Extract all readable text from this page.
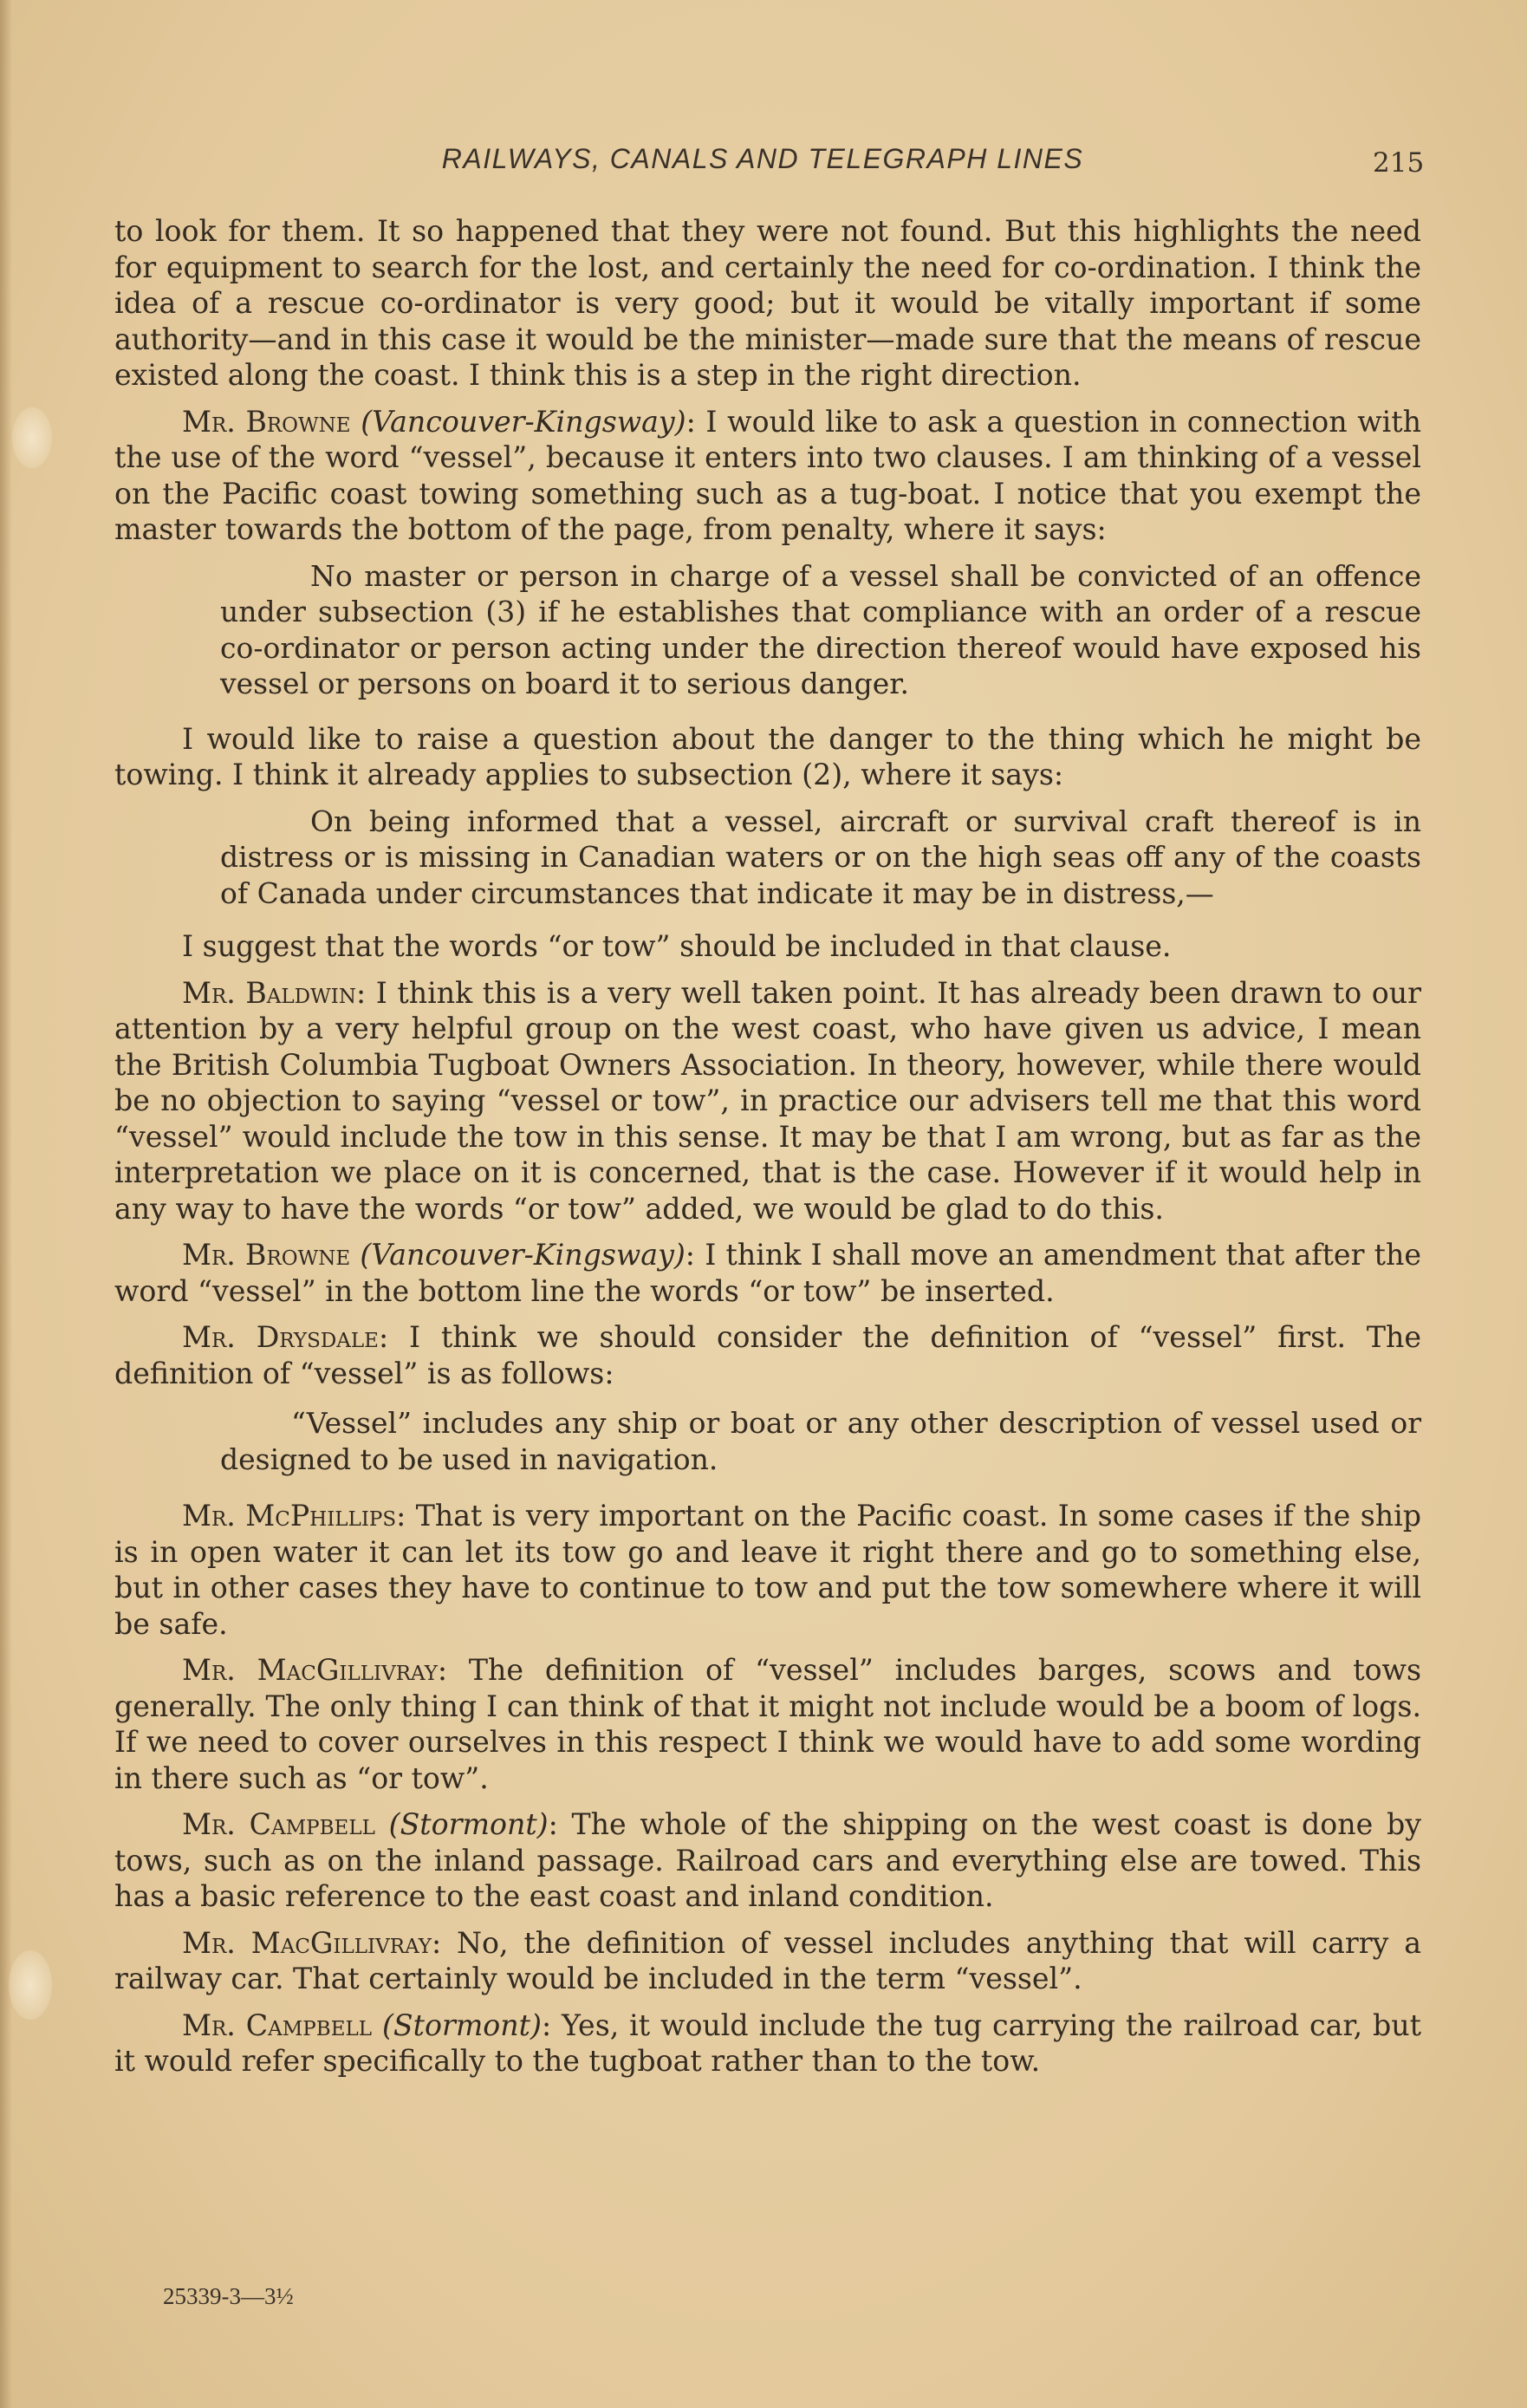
RAILWAYS, CANALS AND TELEGRAPH LINES	215

to look for them. It so happened that they were not found. But this highlights the need for equipment to search for the lost, and certainly the need for co-ordination. I think the idea of a rescue co-ordinator is very good; but it would be vitally important if some authority—and in this case it would be the minister—made sure that the means of rescue existed along the coast. I think this is a step in the right direction.

Mr. Browne (Vancouver-Kingsway): I would like to ask a question in connection with the use of the word “vessel”, because it enters into two clauses. I am thinking of a vessel on the Pacific coast towing something such as a tug-boat. I notice that you exempt the master towards the bottom of the page, from penalty, where it says:

No master or person in charge of a vessel shall be convicted of an offence under subsection (3) if he establishes that compliance with an order of a rescue co-ordinator or person acting under the direction thereof would have exposed his vessel or persons on board it to serious danger.

I would like to raise a question about the danger to the thing which he might be towing. I think it already applies to subsection (2), where it says:

On being informed that a vessel, aircraft or survival craft thereof is in distress or is missing in Canadian waters or on the high seas off any of the coasts of Canada under circumstances that indicate it may be in distress,—

I suggest that the words “or tow” should be included in that clause.

Mr. Baldwin: I think this is a very well taken point. It has already been drawn to our attention by a very helpful group on the west coast, who have given us advice, I mean the British Columbia Tugboat Owners Association. In theory, however, while there would be no objection to saying “vessel or tow”, in practice our advisers tell me that this word “vessel” would include the tow in this sense. It may be that I am wrong, but as far as the interpretation we place on it is concerned, that is the case. However if it would help in any way to have the words “or tow” added, we would be glad to do this.

Mr. Browne (Vancouver-Kingsway): I think I shall move an amendment that after the word “vessel” in the bottom line the words “or tow” be inserted.

Mr. Drysdale: I think we should consider the definition of “vessel” first. The definition of “vessel” is as follows:

“Vessel” includes any ship or boat or any other description of vessel used or designed to be used in navigation.

Mr. McPhillips: That is very important on the Pacific coast. In some cases if the ship is in open water it can let its tow go and leave it right there and go to something else, but in other cases they have to continue to tow and put the tow somewhere where it will be safe.

Mr. MacGillivray: The definition of “vessel” includes barges, scows and tows generally. The only thing I can think of that it might not include would be a boom of logs. If we need to cover ourselves in this respect I think we would have to add some wording in there such as “or tow”.

Mr. Campbell (Stormont): The whole of the shipping on the west coast is done by tows, such as on the inland passage. Railroad cars and everything else are towed. This has a basic reference to the east coast and inland condition.

Mr. MacGillivray: No, the definition of vessel includes anything that will carry a railway car. That certainly would be included in the term “vessel”.

Mr. Campbell (Stormont): Yes, it would include the tug carrying the railroad car, but it would refer specifically to the tugboat rather than to the tow.

25339-3—3½
